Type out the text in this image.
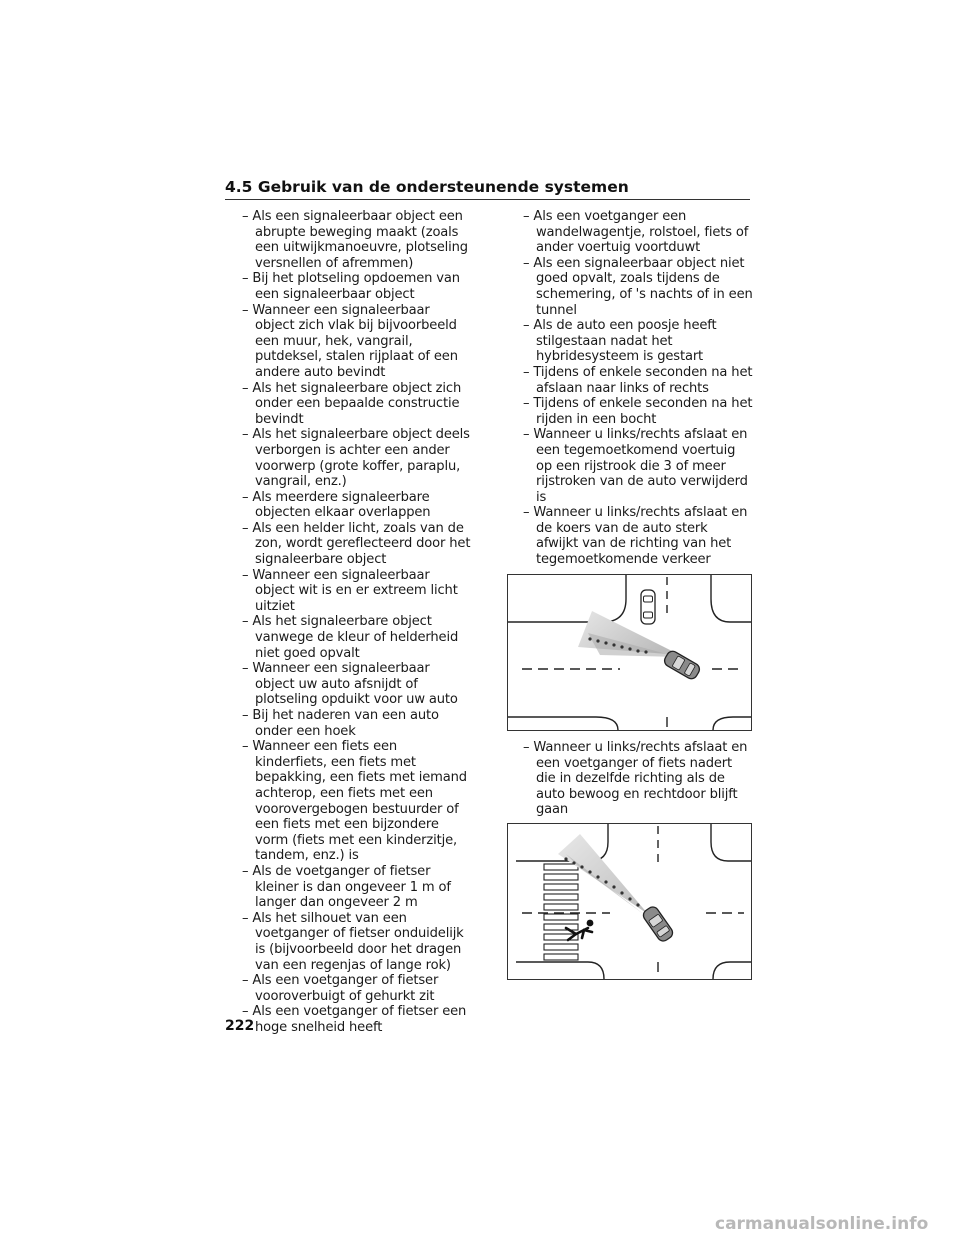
4.5 Gebruik van de ondersteunende systemen
– Als een signaleerbaar object een abrupte beweging maakt (zoals een uitwijkmanoeuvre, plotseling versnellen of afremmen)
– Bij het plotseling opdoemen van een signaleerbaar object
– Wanneer een signaleerbaar object zich vlak bij bijvoorbeeld een muur, hek, vangrail, putdeksel, stalen rijplaat of een andere auto bevindt
– Als het signaleerbare object zich onder een bepaalde constructie bevindt
– Als het signaleerbare object deels verborgen is achter een ander voorwerp (grote koffer, paraplu, vangrail, enz.)
– Als meerdere signaleerbare objecten elkaar overlappen
– Als een helder licht, zoals van de zon, wordt gereflecteerd door het signaleerbare object
– Wanneer een signaleerbaar object wit is en er extreem licht uitziet
– Als het signaleerbare object vanwege de kleur of helderheid niet goed opvalt
– Wanneer een signaleerbaar object uw auto afsnijdt of plotseling opduikt voor uw auto
– Bij het naderen van een auto onder een hoek
– Wanneer een fiets een kinderfiets, een fiets met bepakking, een fiets met iemand achterop, een fiets met een voorovergebogen bestuurder of een fiets met een bijzondere vorm (fiets met een kinderzitje, tandem, enz.) is
– Als de voetganger of fietser kleiner is dan ongeveer 1 m of langer dan ongeveer 2 m
– Als het silhouet van een voetganger of fietser onduidelijk is (bijvoorbeeld door het dragen van een regenjas of lange rok)
– Als een voetganger of fietser vooroverbuigt of gehurkt zit
– Als een voetganger of fietser een hoge snelheid heeft
– Als een voetganger een wandelwagentje, rolstoel, fiets of ander voertuig voortduwt
– Als een signaleerbaar object niet goed opvalt, zoals tijdens de schemering, of 's nachts of in een tunnel
– Als de auto een poosje heeft stilgestaan nadat het hybridesysteem is gestart
– Tijdens of enkele seconden na het afslaan naar links of rechts
– Tijdens of enkele seconden na het rijden in een bocht
– Wanneer u links/rechts afslaat en een tegemoetkomend voertuig op een rijstrook die 3 of meer rijstroken van de auto verwijderd is
– Wanneer u links/rechts afslaat en de koers van de auto sterk afwijkt van de richting van het tegemoetkomende verkeer
– Wanneer u links/rechts afslaat en een voetganger of fiets nadert die in dezelfde richting als de auto bewoog en rechtdoor blijft gaan
222
carmanualsonline.info
